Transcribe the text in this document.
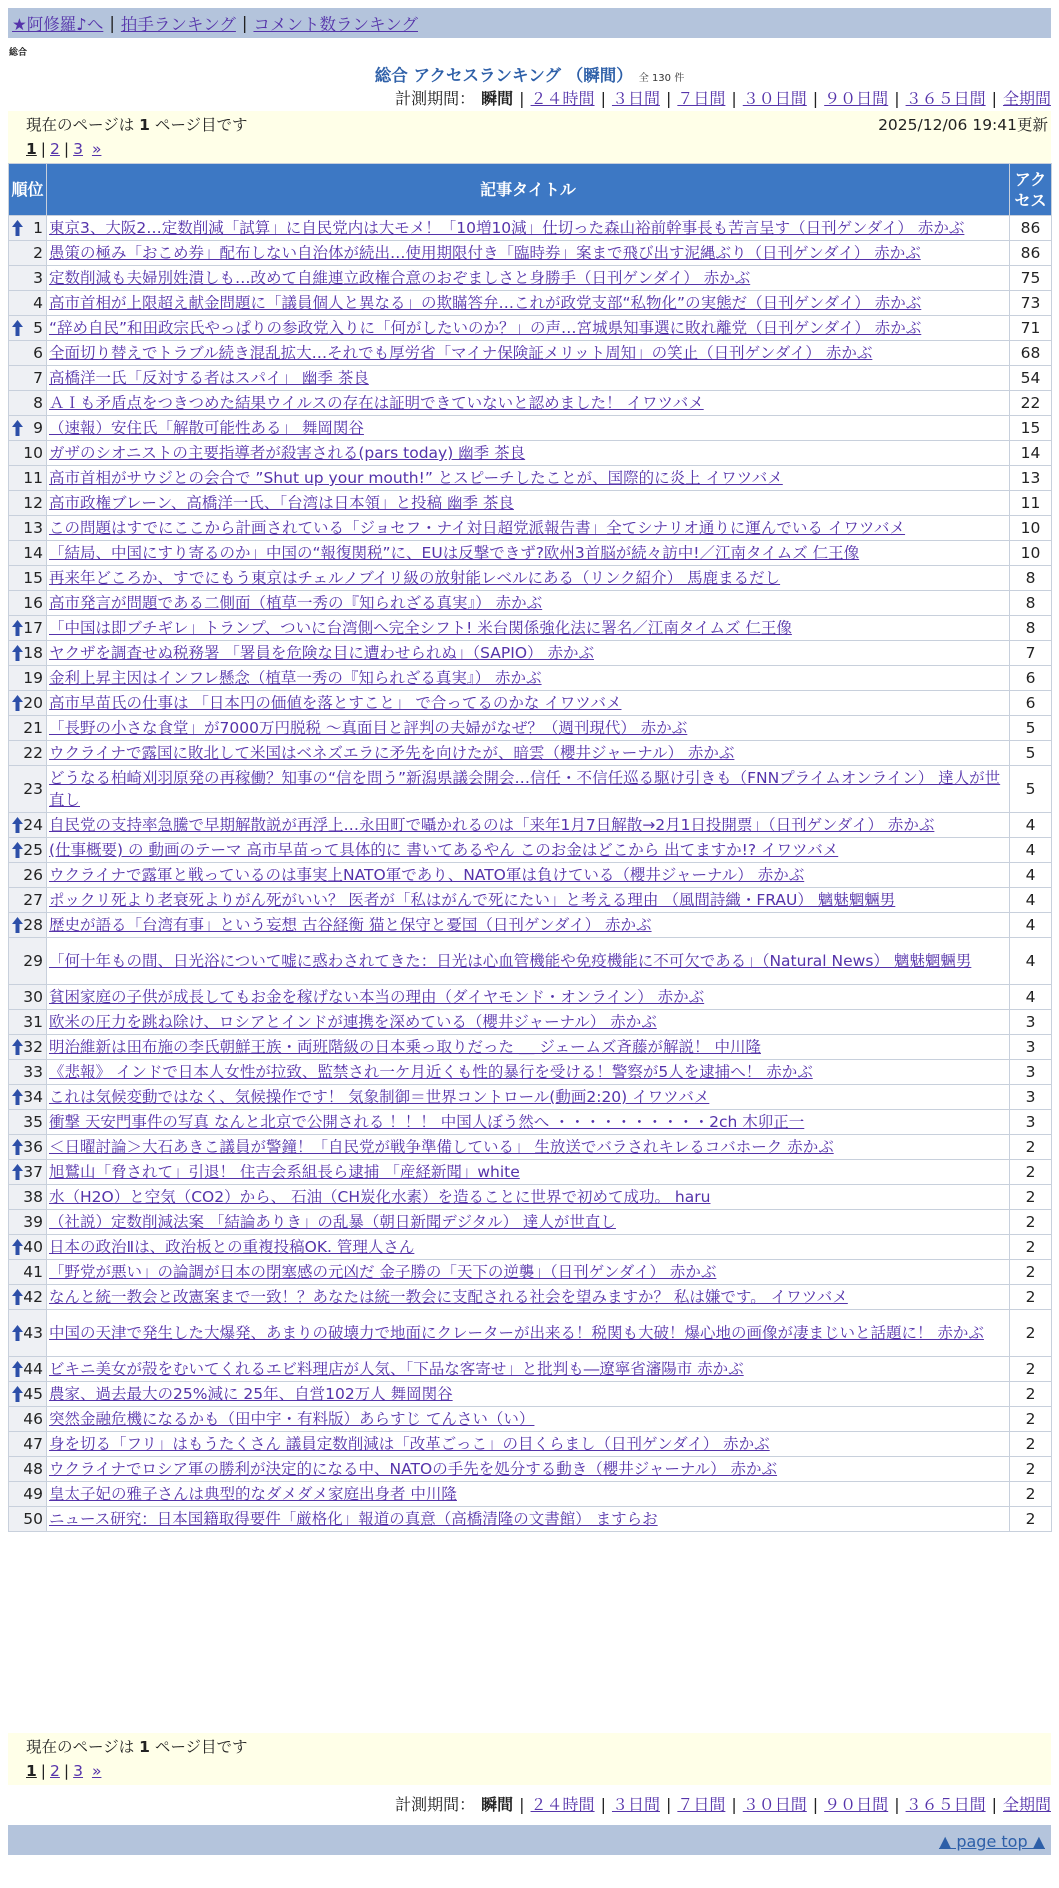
★阿修羅♪へ | 拍手ランキング | コメント数ランキング
総合
総合 アクセスランキング （瞬間） 全 130 件
計測期間： 瞬間 | ２４時間 | ３日間 | ７日間 | ３０日間 | ９０日間 | ３６５日間 | 全期間
現在のページは 1 ページ目です	2025/12/06 19:41更新
1 | 2 | 3 »
順位	記事タイトル	アクセス

1	東京3、大阪2…定数削減「試算」に自民党内は大モメ！「10増10減」仕切った森山裕前幹事長も苦言呈す（日刊ゲンダイ） 赤かぶ	86
2	愚策の極み「おこめ券」配布しない自治体が続出…使用期限付き「臨時券」案まで飛び出す泥縄ぶり（日刊ゲンダイ） 赤かぶ	86
3	定数削減も夫婦別姓潰しも…改めて自維連立政権合意のおぞましさと身勝手（日刊ゲンダイ） 赤かぶ	75
4	高市首相が上限超え献金問題に「議員個人と異なる」の欺瞞答弁…これが政党支部“私物化”の実態だ（日刊ゲンダイ） 赤かぶ	73

5	“辞め自民”和田政宗氏やっぱりの参政党入りに「何がしたいのか？」の声…宮城県知事選に敗れ離党（日刊ゲンダイ） 赤かぶ	71
6	全面切り替えでトラブル続き混乱拡大…それでも厚労省「マイナ保険証メリット周知」の笑止（日刊ゲンダイ） 赤かぶ	68
7	高橋洋一氏「反対する者はスパイ」 幽季 茶良	54
8	ＡＩも矛盾点をつきつめた結果ウイルスの存在は証明できていないと認めました！ イワツバメ	22

9	（速報）安住氏「解散可能性ある」 舞岡関谷	15
10	ガザのシオニストの主要指導者が殺害される(pars today) 幽季 茶良	14
11	高市首相がサウジとの会合で ”Shut up your mouth!” とスピーチしたことが、国際的に炎上 イワツバメ	13
12	高市政権ブレーン、高橋洋一氏、「台湾は日本領」と投稿 幽季 茶良	11
13	この問題はすでにここから計画されている「ジョセフ・ナイ対日超党派報告書」全てシナリオ通りに運んでいる イワツバメ	10
14	「結局、中国にすり寄るのか」中国の“報復関税”に、EUは反撃できず?欧州3首脳が続々訪中!／江南タイムズ 仁王像	10
15	再来年どころか、すでにもう東京はチェルノブイリ級の放射能レベルにある（リンク紹介） 馬鹿まるだし	8
16	高市発言が問題である二側面（植草一秀の『知られざる真実』） 赤かぶ	8

17	「中国は即ブチギレ」トランプ、ついに台湾側へ完全シフト! 米台関係強化法に署名／江南タイムズ 仁王像	8

18	ヤクザを調査せぬ税務署 「署員を危険な目に遭わせられぬ」（SAPIO） 赤かぶ	7
19	金利上昇主因はインフレ懸念（植草一秀の『知られざる真実』） 赤かぶ	6

20	高市早苗氏の仕事は 「日本円の価値を落とすこと」 で合ってるのかな イワツバメ	6
21	「長野の小さな食堂」が7000万円脱税 ～真面目と評判の夫婦がなぜ？（週刊現代） 赤かぶ	5
22	ウクライナで露国に敗北して米国はベネズエラに矛先を向けたが、暗雲（櫻井ジャーナル） 赤かぶ	5
23	どうなる柏崎刈羽原発の再稼働？知事の“信を問う”新潟県議会開会…信任・不信任巡る駆け引きも（FNNプライムオンライン） 達人が世直し	5

24	自民党の支持率急騰で早期解散説が再浮上…永田町で囁かれるのは「来年1月7日解散→2月1日投開票」（日刊ゲンダイ） 赤かぶ	4

25	(仕事概要) の 動画のテーマ 高市早苗って具体的に 書いてあるやん このお金はどこから 出てますか!? イワツバメ	4
26	ウクライナで露軍と戦っているのは事実上NATO軍であり、NATO軍は負けている（櫻井ジャーナル） 赤かぶ	4
27	ポックリ死より老衰死よりがん死がいい？ 医者が「私はがんで死にたい」と考える理由 （風間詩織・FRAU） 魑魅魍魎男	4

28	歴史が語る「台湾有事」という妄想 古谷経衡 猫と保守と憂国（日刊ゲンダイ） 赤かぶ	4
29	「何十年もの間、日光浴について嘘に惑わされてきた：日光は心血管機能や免疫機能に不可欠である」（Natural News） 魑魅魍魎男	4
30	貧困家庭の子供が成長してもお金を稼げない本当の理由（ダイヤモンド・オンライン） 赤かぶ	4
31	欧米の圧力を跳ね除け、ロシアとインドが連携を深めている（櫻井ジャーナル） 赤かぶ	3

32	明治維新は田布施の李氏朝鮮王族・両班階級の日本乗っ取りだった ＿ ジェームズ斉藤が解説！ 中川隆	3
33	《悲報》 インドで日本人女性が拉致、監禁され一ケ月近くも性的暴行を受ける！警察が5人を逮捕へ！ 赤かぶ	3

34	これは気候変動ではなく、気候操作です！ 気象制御＝世界コントロール(動画2:20) イワツバメ	3
35	衝撃 天安門事件の写真 なんと北京で公開される ！！！ 中国人ぼう然へ ・・・・・・・・・・2ch 木卯正一	3

36	＜日曜討論＞大石あきこ議員が警鐘！「自民党が戦争準備している」 生放送でバラされキレるコバホーク 赤かぶ	2

37	旭鷲山「脅されて」引退！ 住吉会系組長ら逮捕 「産経新聞」white	2
38	水（H2O）と空気（CO2）から、 石油（CH炭化水素）を造ることに世界で初めて成功。 haru	2
39	（社説）定数削減法案 「結論ありき」の乱暴（朝日新聞デジタル） 達人が世直し	2

40	日本の政治Ⅱは、政治板との重複投稿OK. 管理人さん	2
41	「野党が悪い」の論調が日本の閉塞感の元凶だ 金子勝の「天下の逆襲」（日刊ゲンダイ） 赤かぶ	2

42	なんと統一教会と改憲案まで一致！？あなたは統一教会に支配される社会を望みますか？ 私は嫌です。 イワツバメ	2

43	中国の天津で発生した大爆発、あまりの破壊力で地面にクレーターが出来る！税関も大破！爆心地の画像が凄まじいと話題に！ 赤かぶ	2

44	ビキニ美女が殻をむいてくれるエビ料理店が人気、「下品な客寄せ」と批判も―遼寧省瀋陽市 赤かぶ	2

45	農家、過去最大の25%減に 25年、自営102万人 舞岡関谷	2
46	突然金融危機になるかも（田中宇・有料版）あらすじ てんさい（い）	2
47	身を切る「フリ」はもうたくさん 議員定数削減は「改革ごっこ」の目くらまし（日刊ゲンダイ） 赤かぶ	2
48	ウクライナでロシア軍の勝利が決定的になる中、NATOの手先を処分する動き（櫻井ジャーナル） 赤かぶ	2
49	皇太子妃の雅子さんは典型的なダメダメ家庭出身者 中川隆	2
50	ニュース研究：日本国籍取得要件「厳格化」報道の真意（高橋清隆の文書館） ますらお	2
現在のページは 1 ページ目です
1 | 2 | 3 »
計測期間： 瞬間 | ２４時間 | ３日間 | ７日間 | ３０日間 | ９０日間 | ３６５日間 | 全期間
▲ page top ▲
